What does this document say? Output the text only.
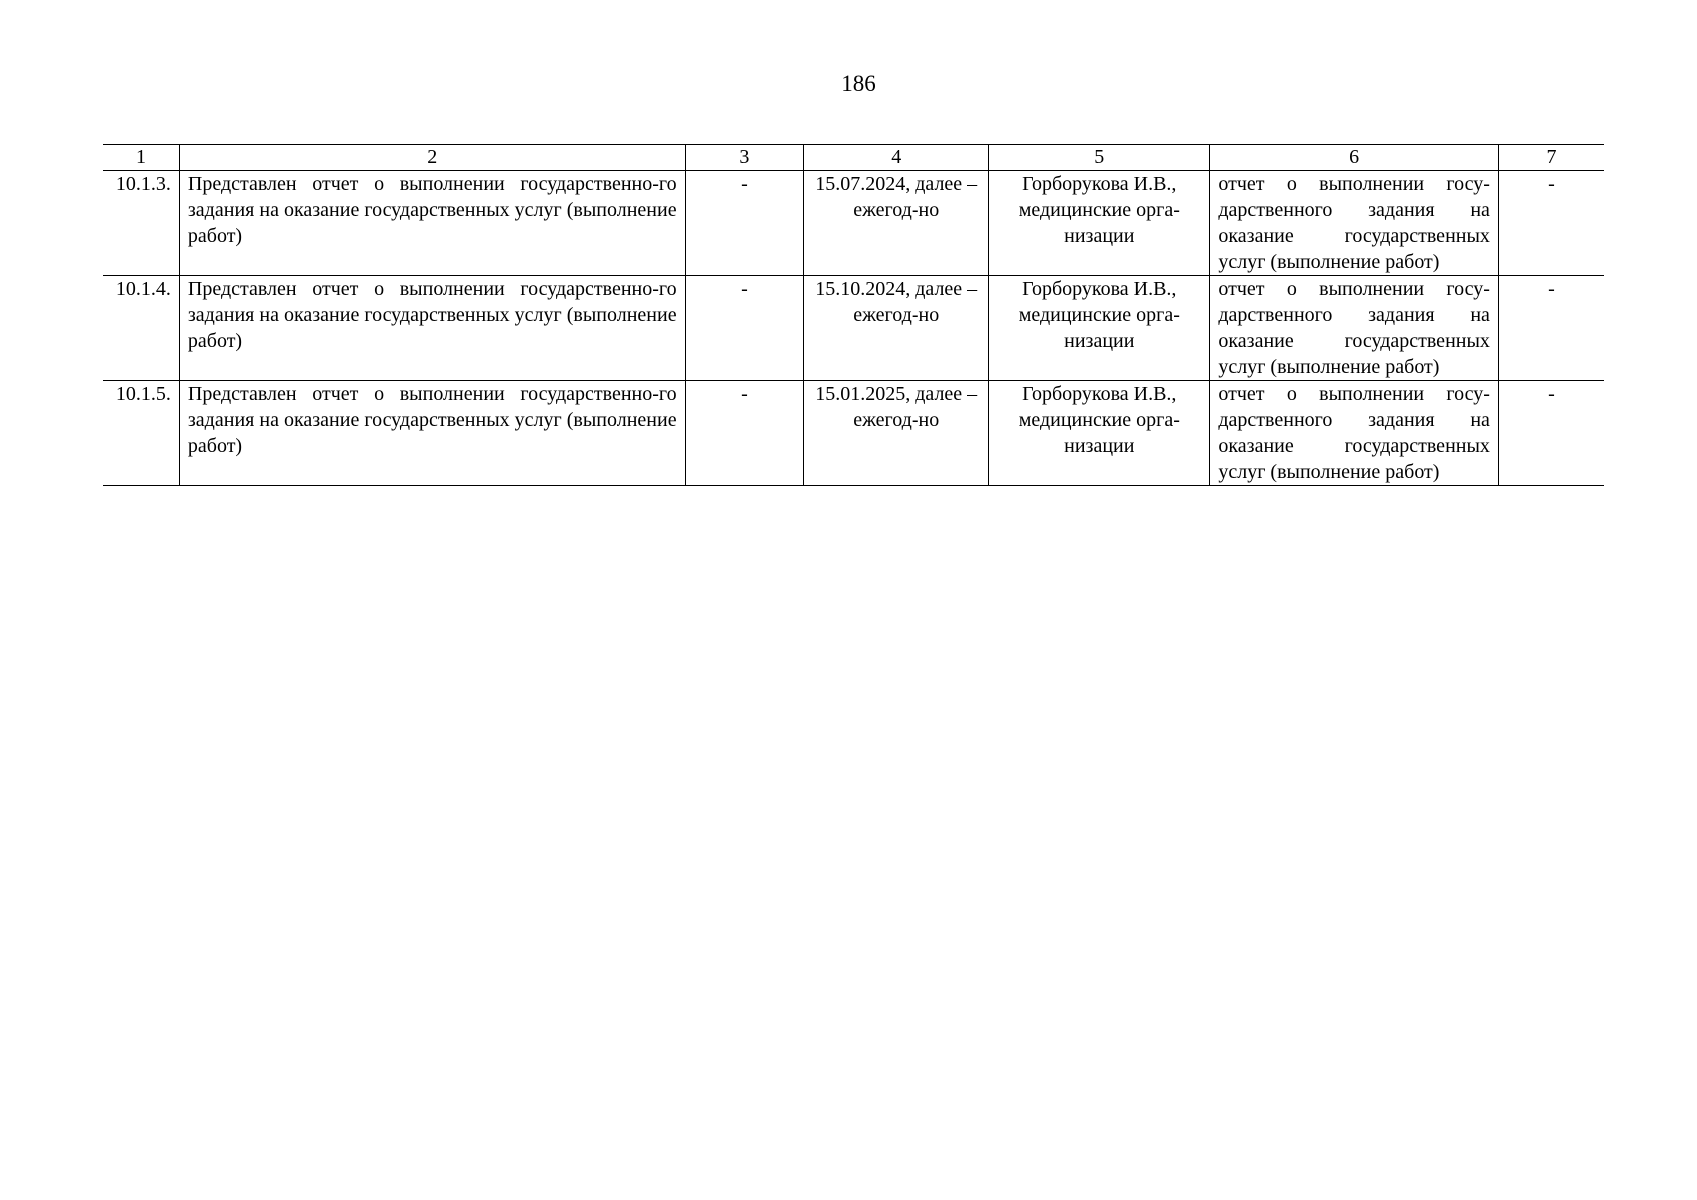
186
1	2	3	4	5	6	7
10.1.3.	Представлен отчет о выполнении государственно-го задания на оказание государственных услуг (выполнение работ)	-	15.07.2024, далее – ежегод-но	Горборукова И.В., медицинские орга-низации	отчет о выполнении госу-дарственного задания на оказание государственных услуг (выполнение работ)	-
10.1.4.	Представлен отчет о выполнении государственно-го задания на оказание государственных услуг (выполнение работ)	-	15.10.2024, далее – ежегод-но	Горборукова И.В., медицинские орга-низации	отчет о выполнении госу-дарственного задания на оказание государственных услуг (выполнение работ)	-
10.1.5.	Представлен отчет о выполнении государственно-го задания на оказание государственных услуг (выполнение работ)	-	15.01.2025, далее – ежегод-но	Горборукова И.В., медицинские орга-низации	отчет о выполнении госу-дарственного задания на оказание государственных услуг (выполнение работ)	-
